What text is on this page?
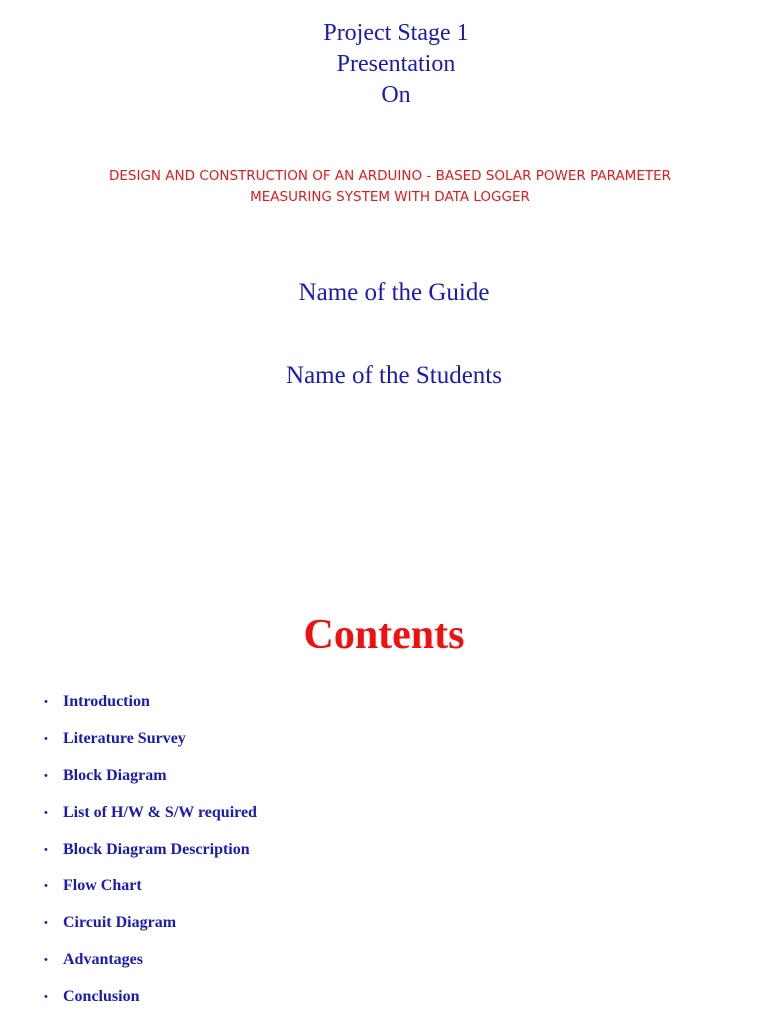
Project Stage 1
Presentation
On

DESIGN AND CONSTRUCTION OF AN ARDUINO - BASED SOLAR POWER PARAMETER
MEASURING SYSTEM WITH DATA LOGGER

Name of the Guide

Name of the Students

Contents
• Introduction
• Literature Survey
• Block Diagram
• List of H/W & S/W required
• Block Diagram Description
• Flow Chart
• Circuit Diagram
• Advantages
• Conclusion
